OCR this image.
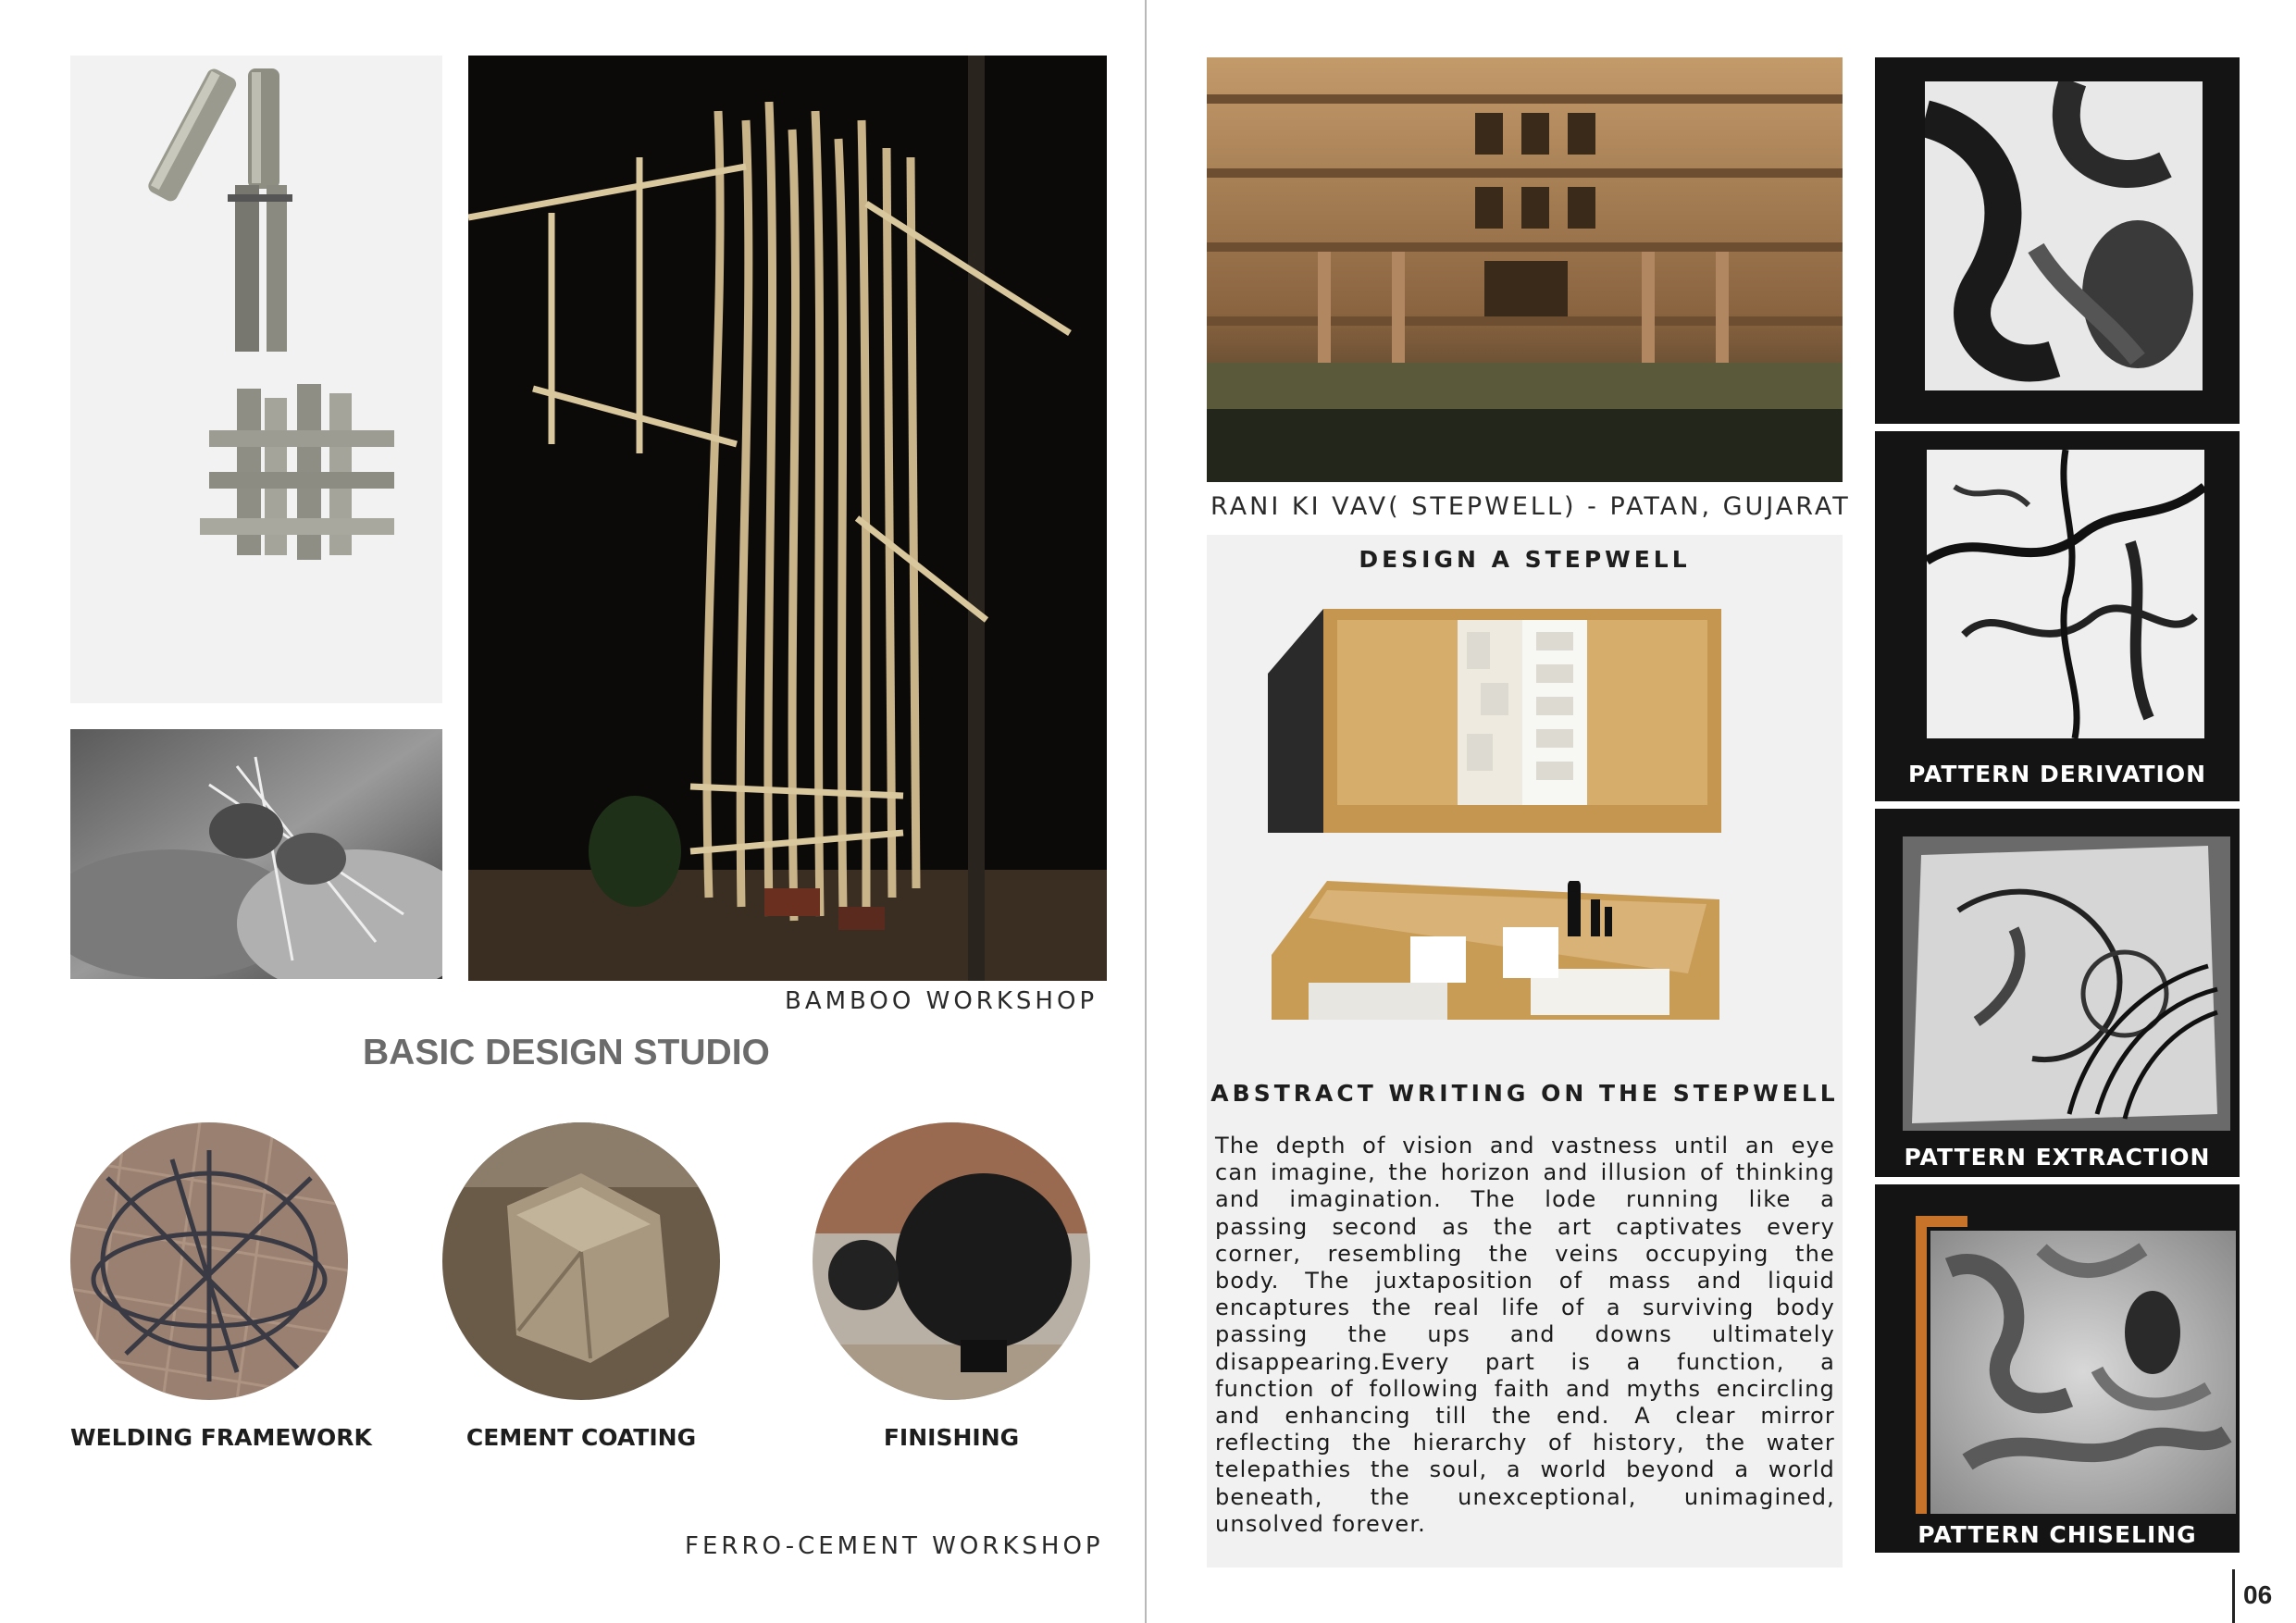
BAMBOO WORKSHOP
BASIC DESIGN STUDIO
WELDING FRAMEWORK	CEMENT COATING	FINISHING
FERRO-CEMENT WORKSHOP
RANI KI VAV( STEPWELL) - PATAN, GUJARAT
DESIGN A STEPWELL
ABSTRACT WRITING ON THE STEPWELL
The depth of vision and vastness until an eye
can imagine, the horizon and illusion of thinking
and imagination. The lode running like a
passing second as the art captivates every
corner, resembling the veins occupying the
body. The juxtaposition of mass and liquid
encaptures the real life of a surviving body
passing the ups and downs ultimately
disappearing.Every part is a function, a
function of following faith and myths encircling
and enhancing till the end. A clear mirror
reflecting the hierarchy of history, the water
telepathies the soul, a world beyond a world
beneath, the unexceptional, unimagined,
unsolved forever.
PATTERN DERIVATION
PATTERN EXTRACTION
PATTERN CHISELING
06
